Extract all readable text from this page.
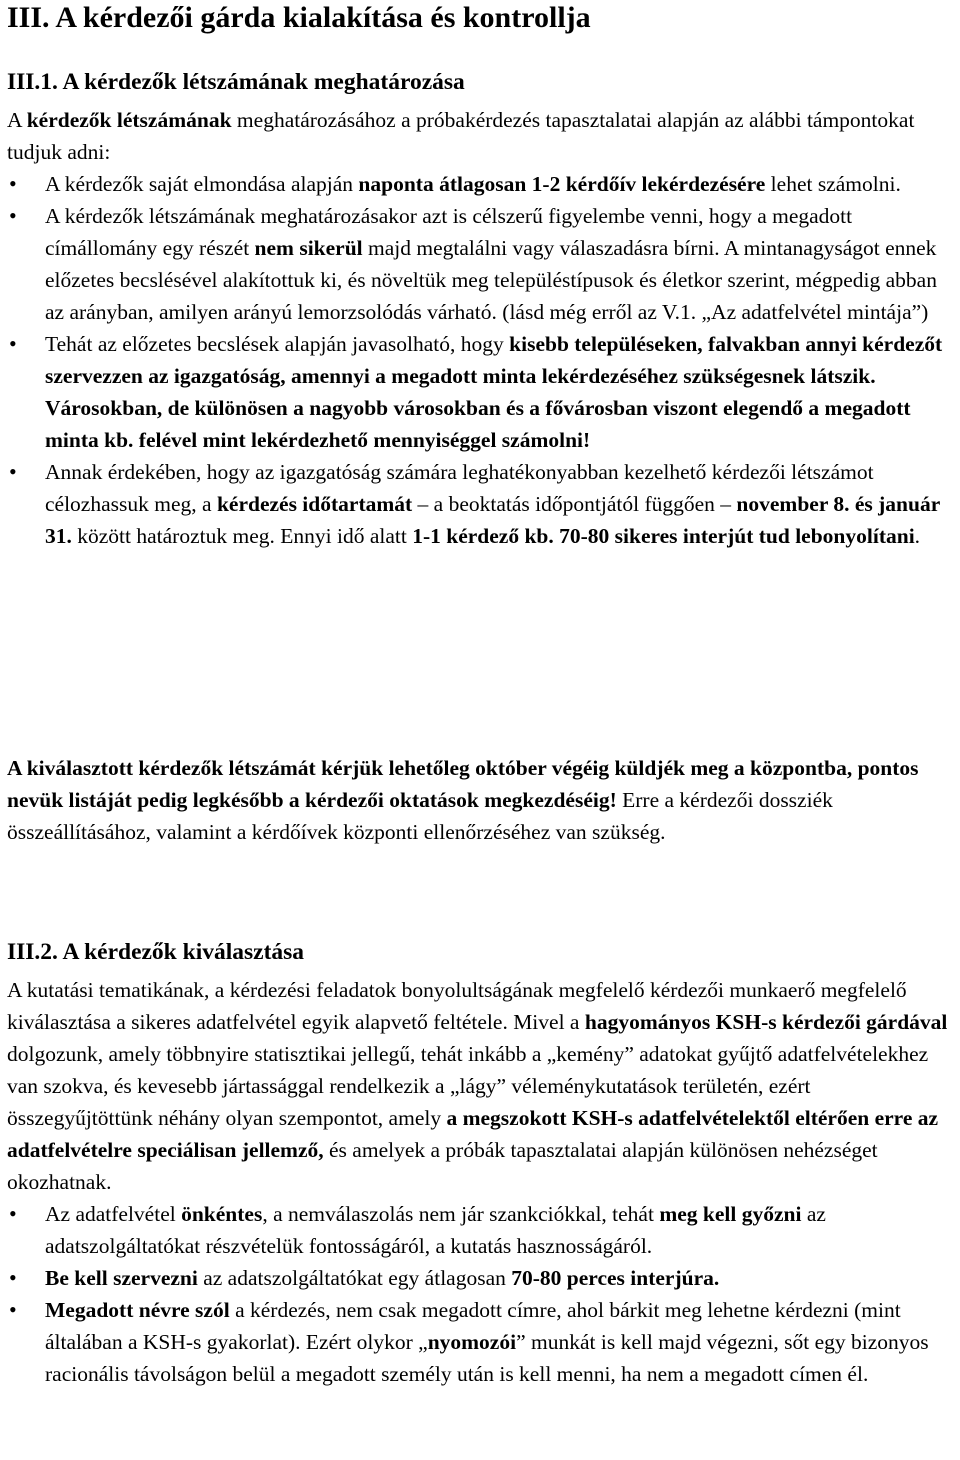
III. A kérdezői gárda kialakítása és kontrollja
III.1. A kérdezők létszámának meghatározása

A kérdezők létszámának meghatározásához a próbakérdezés tapasztalatai alapján az alábbi támpontokat tudjuk adni:

• A kérdezők saját elmondása alapján naponta átlagosan 1-2 kérdőív lekérdezésére lehet számolni.
• A kérdezők létszámának meghatározásakor azt is célszerű figyelembe venni, hogy a megadott címállomány egy részét nem sikerül majd megtalálni vagy válaszadásra bírni. A mintanagyságot ennek előzetes becslésével alakítottuk ki, és növeltük meg településtípusok és életkor szerint, mégpedig abban az arányban, amilyen arányú lemorzsolódás várható. (lásd még erről az V.1. „Az adatfelvétel mintája”)
• Tehát az előzetes becslések alapján javasolható, hogy kisebb településeken, falvakban annyi kérdezőt szervezzen az igazgatóság, amennyi a megadott minta lekérdezéséhez szükségesnek látszik. Városokban, de különösen a nagyobb városokban és a fővárosban viszont elegendő a megadott minta kb. felével mint lekérdezhető mennyiséggel számolni!
• Annak érdekében, hogy az igazgatóság számára leghatékonyabban kezelhető kérdezői létszámot célozhassuk meg, a kérdezés időtartamát – a beoktatás időpontjától függően – november 8. és január 31. között határoztuk meg. Ennyi idő alatt 1-1 kérdező kb. 70-80 sikeres interjút tud lebonyolítani.

A kiválasztott kérdezők létszámát kérjük lehetőleg október végéig küldjék meg a központba, pontos nevük listáját pedig legkésőbb a kérdezői oktatások megkezdéséig! Erre a kérdezői dossziék összeállításához, valamint a kérdőívek központi ellenőrzéséhez van szükség.

III.2. A kérdezők kiválasztása

A kutatási tematikának, a kérdezési feladatok bonyolultságának megfelelő kérdezői munkaerő megfelelő kiválasztása a sikeres adatfelvétel egyik alapvető feltétele. Mivel a hagyományos KSH-s kérdezői gárdával dolgozunk, amely többnyire statisztikai jellegű, tehát inkább a „kemény” adatokat gyűjtő adatfelvételekhez van szokva, és kevesebb jártassággal rendelkezik a „lágy” véleménykutatások területén, ezért összegyűjtöttünk néhány olyan szempontot, amely a megszokott KSH-s adatfelvételektől eltérően erre az adatfelvételre speciálisan jellemző, és amelyek a próbák tapasztalatai alapján különösen nehézséget okozhatnak.

• Az adatfelvétel önkéntes, a nemválaszolás nem jár szankciókkal, tehát meg kell győzni az adatszolgáltatókat részvételük fontosságáról, a kutatás hasznosságáról.
• Be kell szervezni az adatszolgáltatókat egy átlagosan 70-80 perces interjúra.
• Megadott névre szól a kérdezés, nem csak megadott címre, ahol bárkit meg lehetne kérdezni (mint általában a KSH-s gyakorlat). Ezért olykor „nyomozói” munkát is kell majd végezni, sőt egy bizonyos racionális távolságon belül a megadott személy után is kell menni, ha nem a megadott címen él.
